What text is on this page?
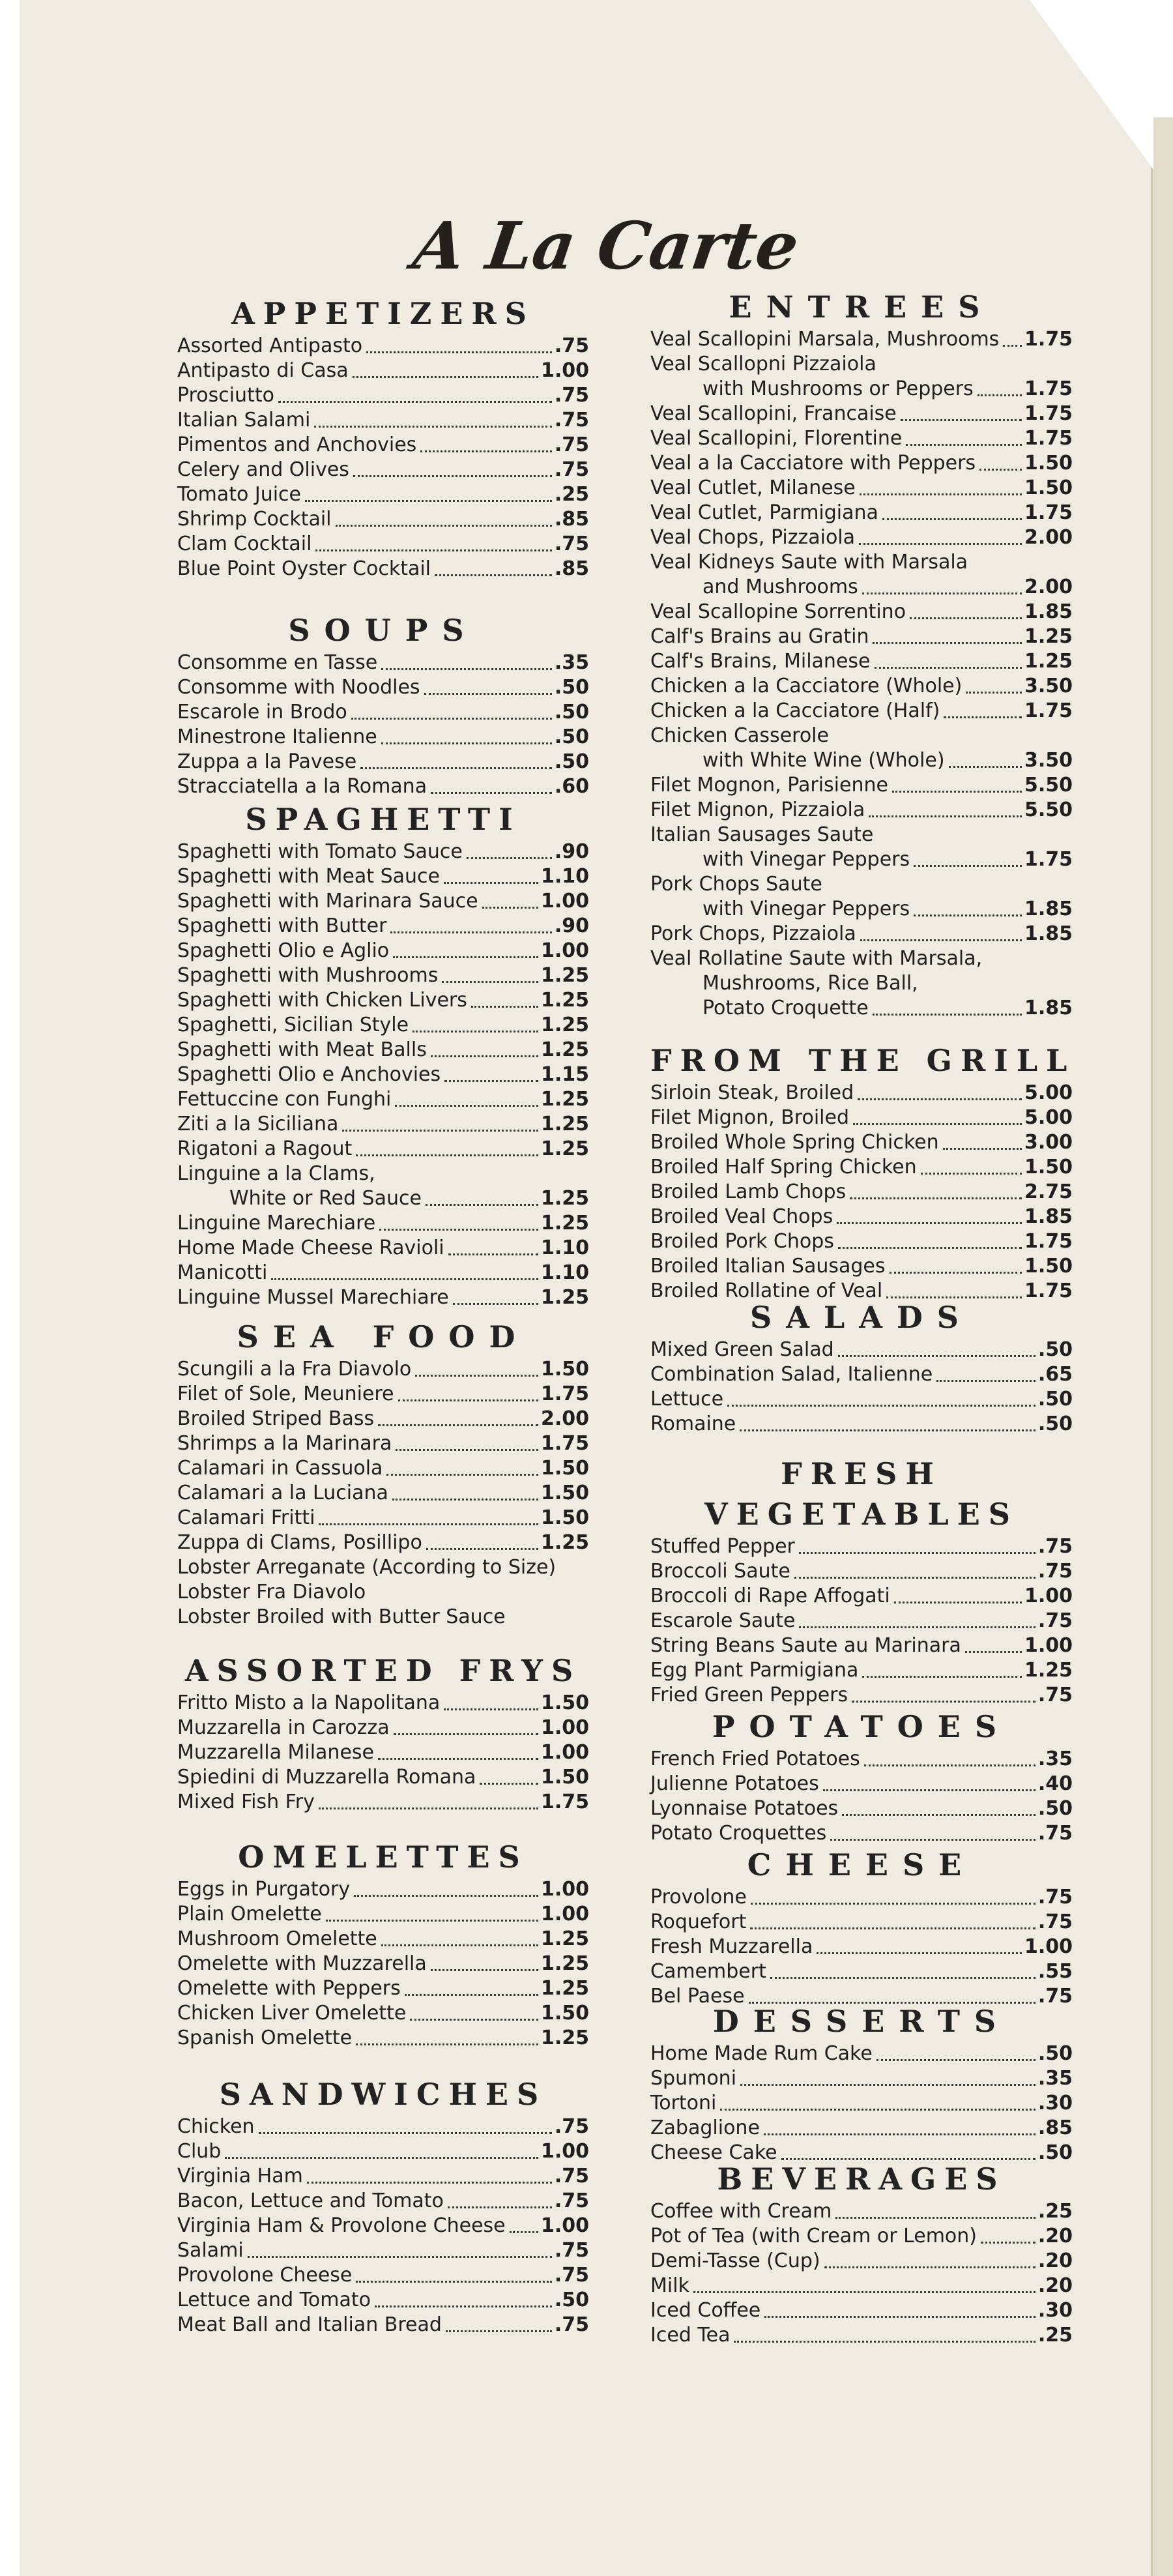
A La Carte
APPETIZERS
Assorted Antipasto	.75
Antipasto di Casa	1.00
Prosciutto	.75
Italian Salami	.75
Pimentos and Anchovies	.75
Celery and Olives	.75
Tomato Juice	.25
Shrimp Cocktail	.85
Clam Cocktail	.75
Blue Point Oyster Cocktail	.85
SOUPS
Consomme en Tasse	.35
Consomme with Noodles	.50
Escarole in Brodo	.50
Minestrone Italienne	.50
Zuppa a la Pavese	.50
Stracciatella a la Romana	.60
SPAGHETTI
Spaghetti with Tomato Sauce	.90
Spaghetti with Meat Sauce	1.10
Spaghetti with Marinara Sauce	1.00
Spaghetti with Butter	.90
Spaghetti Olio e Aglio	1.00
Spaghetti with Mushrooms	1.25
Spaghetti with Chicken Livers	1.25
Spaghetti, Sicilian Style	1.25
Spaghetti with Meat Balls	1.25
Spaghetti Olio e Anchovies	1.15
Fettuccine con Funghi	1.25
Ziti a la Siciliana	1.25
Rigatoni a Ragout	1.25
Linguine a la Clams,
White or Red Sauce	1.25
Linguine Marechiare	1.25
Home Made Cheese Ravioli	1.10
Manicotti	1.10
Linguine Mussel Marechiare	1.25
SEA FOOD
Scungili a la Fra Diavolo	1.50
Filet of Sole, Meuniere	1.75
Broiled Striped Bass	2.00
Shrimps a la Marinara	1.75
Calamari in Cassuola	1.50
Calamari a la Luciana	1.50
Calamari Fritti	1.50
Zuppa di Clams, Posillipo	1.25
Lobster Arreganate (According to Size)
Lobster Fra Diavolo
Lobster Broiled with Butter Sauce
ASSORTED FRYS
Fritto Misto a la Napolitana	1.50
Muzzarella in Carozza	1.00
Muzzarella Milanese	1.00
Spiedini di Muzzarella Romana	1.50
Mixed Fish Fry	1.75
OMELETTES
Eggs in Purgatory	1.00
Plain Omelette	1.00
Mushroom Omelette	1.25
Omelette with Muzzarella	1.25
Omelette with Peppers	1.25
Chicken Liver Omelette	1.50
Spanish Omelette	1.25
SANDWICHES
Chicken	.75
Club	1.00
Virginia Ham	.75
Bacon, Lettuce and Tomato	.75
Virginia Ham & Provolone Cheese 1.00
Salami	.75
Provolone Cheese	.75
Lettuce and Tomato	.50
Meat Ball and Italian Bread	.75
ENTREES
Veal Scallopini Marsala, Mushrooms 1.75
Veal Scallopni Pizzaiola
with Mushrooms or Peppers	1.75
Veal Scallopini, Francaise	1.75
Veal Scallopini, Florentine	1.75
Veal a la Cacciatore with Peppers 1.50
Veal Cutlet, Milanese	1.50
Veal Cutlet, Parmigiana	1.75
Veal Chops, Pizzaiola	2.00
Veal Kidneys Saute with Marsala
and Mushrooms	2.00
Veal Scallopine Sorrentino	1.85
Calf's Brains au Gratin	1.25
Calf's Brains, Milanese	1.25
Chicken a la Cacciatore (Whole)	3.50
Chicken a la Cacciatore (Half)	1.75
Chicken Casserole
with White Wine (Whole)	3.50
Filet Mognon, Parisienne	5.50
Filet Mignon, Pizzaiola	5.50
Italian Sausages Saute
with Vinegar Peppers	1.75
Pork Chops Saute
with Vinegar Peppers	1.85
Pork Chops, Pizzaiola	1.85
Veal Rollatine Saute with Marsala,
Mushrooms, Rice Ball,
Potato Croquette	1.85
FROM THE GRILL
Sirloin Steak, Broiled	5.00
Filet Mignon, Broiled	5.00
Broiled Whole Spring Chicken	3.00
Broiled Half Spring Chicken	1.50
Broiled Lamb Chops	2.75
Broiled Veal Chops	1.85
Broiled Pork Chops	1.75
Broiled Italian Sausages	1.50
Broiled Rollatine of Veal	1.75
SALADS
Mixed Green Salad	.50
Combination Salad, Italienne	.65
Lettuce	.50
Romaine	.50
FRESH
VEGETABLES
Stuffed Pepper	.75
Broccoli Saute	.75
Broccoli di Rape Affogati	1.00
Escarole Saute	.75
String Beans Saute au Marinara	1.00
Egg Plant Parmigiana	1.25
Fried Green Peppers	.75
POTATOES
French Fried Potatoes	.35
Julienne Potatoes	.40
Lyonnaise Potatoes	.50
Potato Croquettes	.75
CHEESE
Provolone	.75
Roquefort	.75
Fresh Muzzarella	1.00
Camembert	.55
Bel Paese	.75
DESSERTS
Home Made Rum Cake	.50
Spumoni	.35
Tortoni	.30
Zabaglione	.85
Cheese Cake	.50
BEVERAGES
Coffee with Cream	.25
Pot of Tea (with Cream or Lemon)	.20
Demi-Tasse (Cup)	.20
Milk	.20
Iced Coffee	.30
Iced Tea	.25
